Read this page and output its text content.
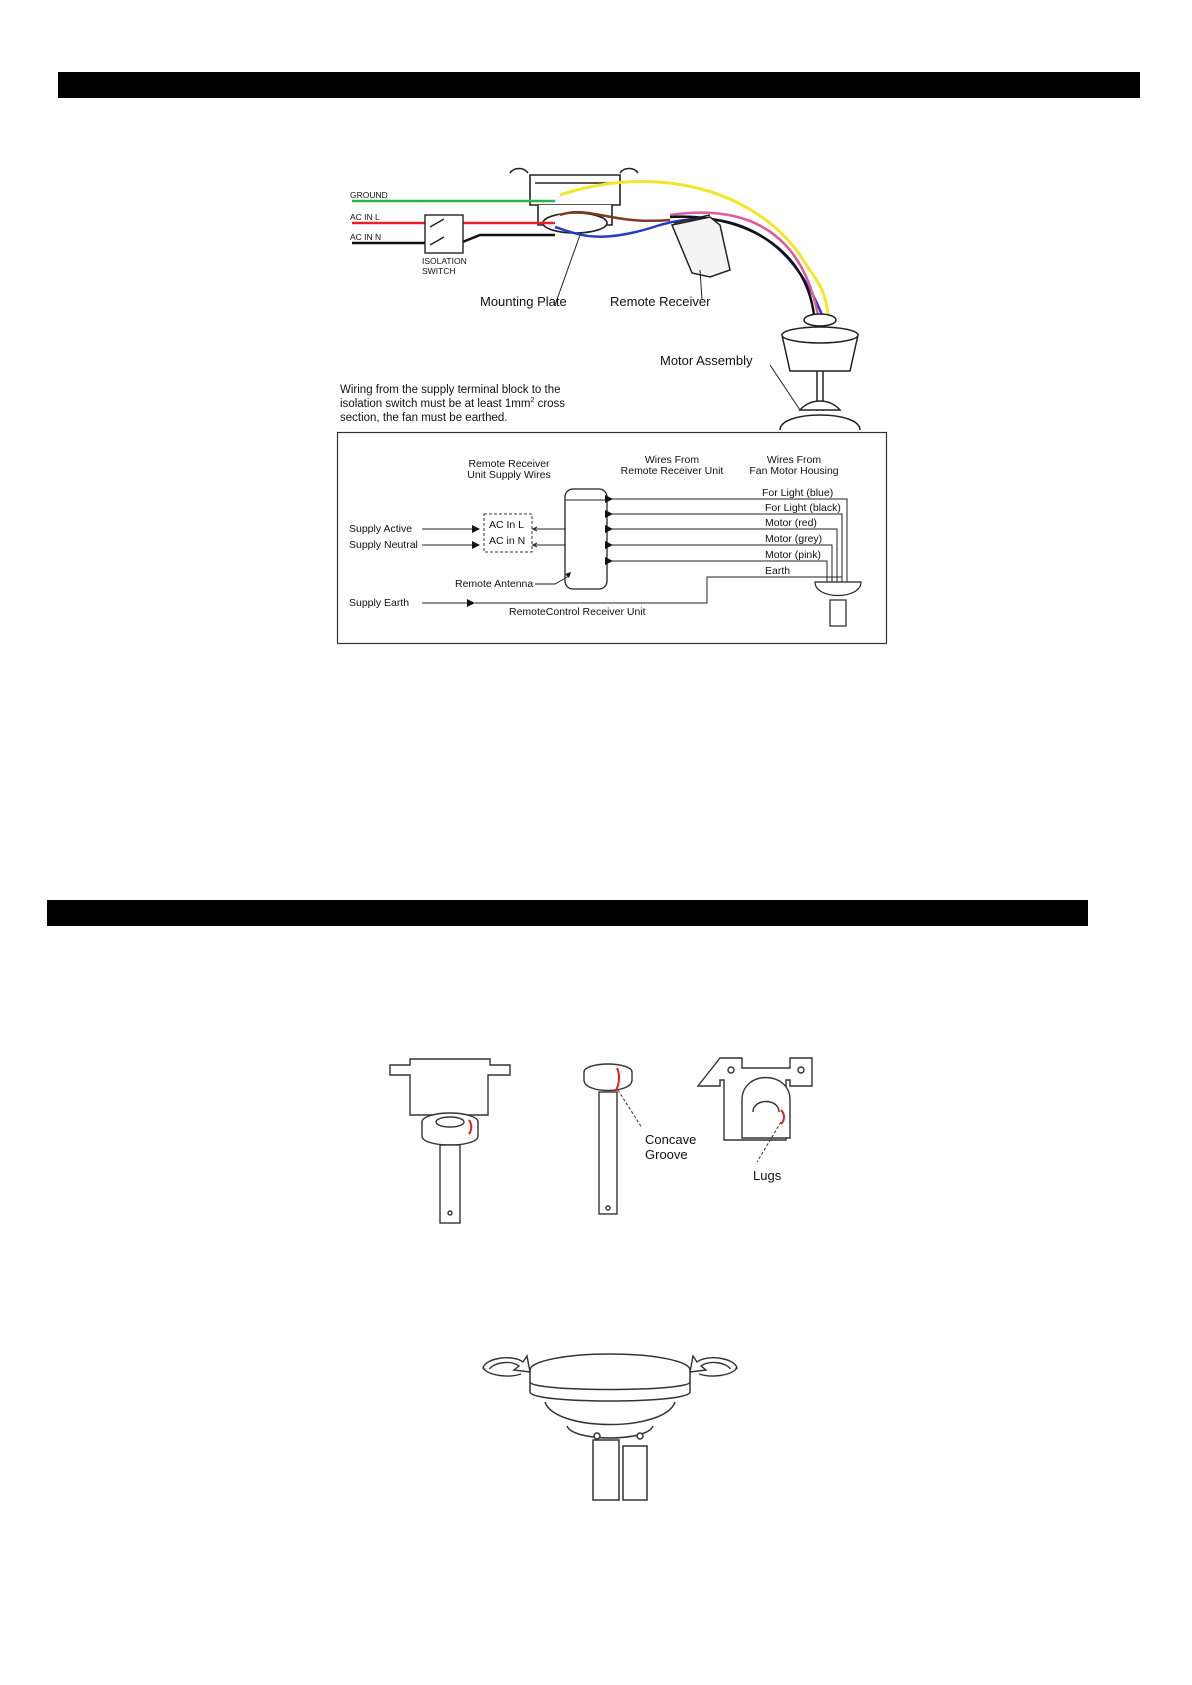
GROUND
AC IN L
AC IN N
ISOLATION
SWITCH
Mounting Plate	Remote Receiver
Motor Assembly
Wiring from the supply terminal block to the
isolation switch must be at least $1mm^2$ cross
section, the fan must be earthed.
Remote Receiver
Unit Supply Wires
Wires From
Remote Receiver Unit
Wires From
Fan Motor Housing
Supply Active
Supply Neutral
Supply Earth
AC In L
AC in N
Remote Antenna
RemoteControl Receiver Unit
For Light (blue)
For Light (black)
Motor (red)
Motor (grey)
Motor (pink)
Earth
Concave
Groove
Lugs
